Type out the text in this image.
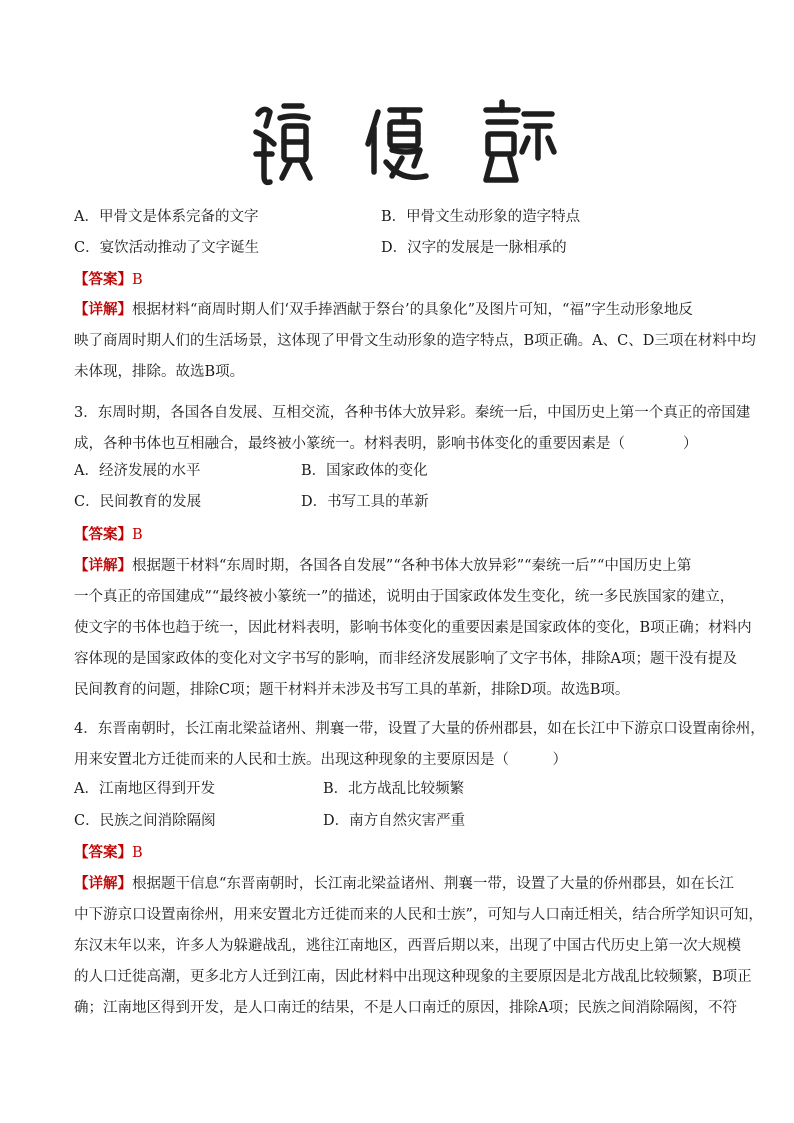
A．甲骨文是体系完备的文字	B．甲骨文生动形象的造字特点
C．宴饮活动推动了文字诞生	D．汉字的发展是一脉相承的
【答案】B
【详解】根据材料“商周时期人们‘双手捧酒献于祭台’的具象化”及图片可知，“福”字生动形象地反
映了商周时期人们的生活场景，这体现了甲骨文生动形象的造字特点，B项正确。A、C、D三项在材料中均
未体现，排除。故选B项。
3．东周时期，各国各自发展、互相交流，各种书体大放异彩。秦统一后，中国历史上第一个真正的帝国建
成，各种书体也互相融合，最终被小篆统一。材料表明，影响书体变化的重要因素是（　　　　）
A．经济发展的水平	B．国家政体的变化
C．民间教育的发展	D．书写工具的革新
【答案】B
【详解】根据题干材料“东周时期，各国各自发展”“各种书体大放异彩”“秦统一后”“中国历史上第
一个真正的帝国建成”“最终被小篆统一”的描述，说明由于国家政体发生变化，统一多民族国家的建立，
使文字的书体也趋于统一，因此材料表明，影响书体变化的重要因素是国家政体的变化，B项正确；材料内
容体现的是国家政体的变化对文字书写的影响，而非经济发展影响了文字书体，排除A项；题干没有提及
民间教育的问题，排除C项；题干材料并未涉及书写工具的革新，排除D项。故选B项。
4．东晋南朝时，长江南北梁益诸州、荆襄一带，设置了大量的侨州郡县，如在长江中下游京口设置南徐州，
用来安置北方迁徙而来的人民和士族。出现这种现象的主要原因是（　　　）
A．江南地区得到开发	B．北方战乱比较频繁
C．民族之间消除隔阂	D．南方自然灾害严重
【答案】B
【详解】根据题干信息“东晋南朝时，长江南北梁益诸州、荆襄一带，设置了大量的侨州郡县，如在长江
中下游京口设置南徐州，用来安置北方迁徙而来的人民和士族”，可知与人口南迁相关，结合所学知识可知，
东汉末年以来，许多人为躲避战乱，逃往江南地区，西晋后期以来，出现了中国古代历史上第一次大规模
的人口迁徙高潮，更多北方人迁到江南，因此材料中出现这种现象的主要原因是北方战乱比较频繁，B项正
确；江南地区得到开发，是人口南迁的结果，不是人口南迁的原因，排除A项；民族之间消除隔阂，不符
